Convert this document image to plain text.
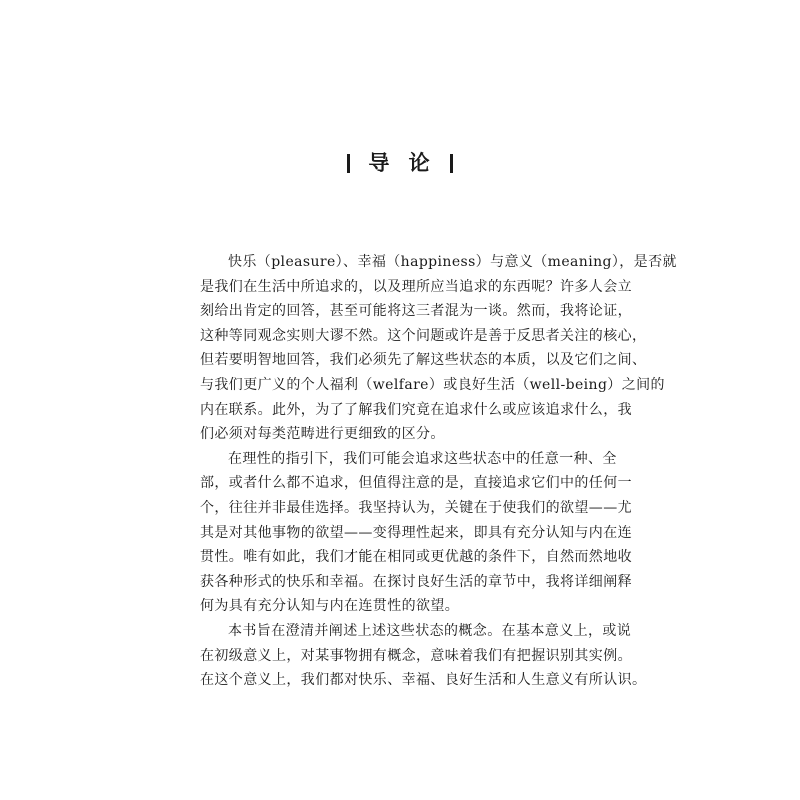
导 论
快乐（pleasure）、幸福（happiness）与意义（meaning），是否就
是我们在生活中所追求的，以及理所应当追求的东西呢？许多人会立
刻给出肯定的回答，甚至可能将这三者混为一谈。然而，我将论证，
这种等同观念实则大谬不然。这个问题或许是善于反思者关注的核心，
但若要明智地回答，我们必须先了解这些状态的本质，以及它们之间、
与我们更广义的个人福利（welfare）或良好生活（well-being）之间的
内在联系。此外，为了了解我们究竟在追求什么或应该追求什么，我
们必须对每类范畴进行更细致的区分。
在理性的指引下，我们可能会追求这些状态中的任意一种、全
部，或者什么都不追求，但值得注意的是，直接追求它们中的任何一
个，往往并非最佳选择。我坚持认为，关键在于使我们的欲望——尤
其是对其他事物的欲望——变得理性起来，即具有充分认知与内在连
贯性。唯有如此，我们才能在相同或更优越的条件下，自然而然地收
获各种形式的快乐和幸福。在探讨良好生活的章节中，我将详细阐释
何为具有充分认知与内在连贯性的欲望。
本书旨在澄清并阐述上述这些状态的概念。在基本意义上，或说
在初级意义上，对某事物拥有概念，意味着我们有把握识别其实例。
在这个意义上，我们都对快乐、幸福、良好生活和人生意义有所认识。
